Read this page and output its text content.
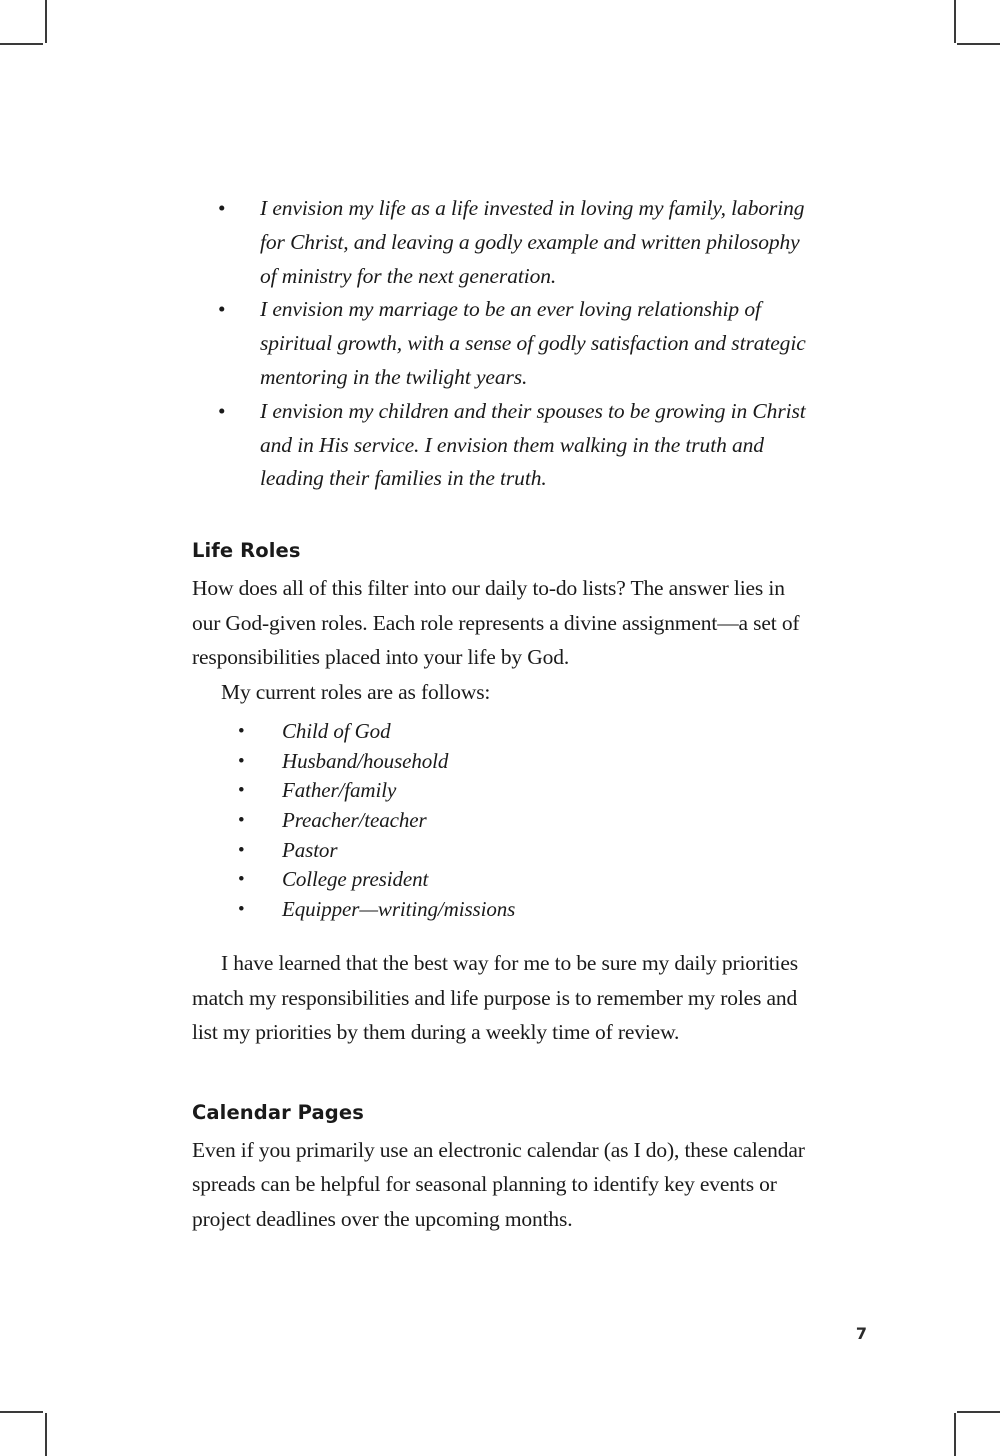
• I envision my life as a life invested in loving my family, laboring for Christ, and leaving a godly example and written philosophy of ministry for the next generation.
• I envision my marriage to be an ever loving relationship of spiritual growth, with a sense of godly satisfaction and strategic mentoring in the twilight years.
• I envision my children and their spouses to be growing in Christ and in His service. I envision them walking in the truth and leading their families in the truth.
Life Roles

How does all of this filter into our daily to-do lists? The answer lies in our God-given roles. Each role represents a divine assignment—a set of responsibilities placed into your life by God.

My current roles are as follows:

• Child of God
• Husband/household
• Father/family
• Preacher/teacher
• Pastor
• College president
• Equipper—writing/missions

I have learned that the best way for me to be sure my daily priorities match my responsibilities and life purpose is to remember my roles and list my priorities by them during a weekly time of review.

Calendar Pages

Even if you primarily use an electronic calendar (as I do), these calendar spreads can be helpful for seasonal planning to identify key events or project deadlines over the upcoming months.

7
